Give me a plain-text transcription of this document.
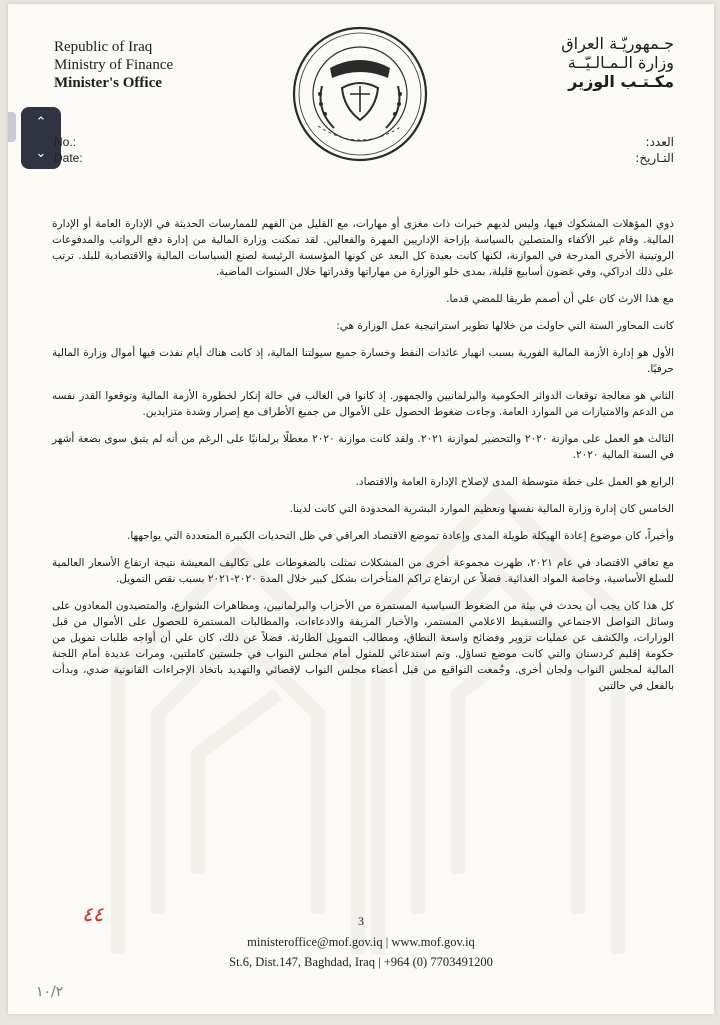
⌃
⌄
Republic of Iraq
Ministry of Finance
Minister's Office
جـمهوريّـة العراق
وزارة الـمـالـيّــة
مكـتـب الوزير
No.:
Date:
العدد:
التـاريخ:

ذوي المؤهلات المشكوك فيها، وليس لديهم خبرات ذات مغزى أو مهارات، مع القليل من الفهم للممارسات الحديثة في الإدارة العامة أو الإدارة المالية. وقام غير الأكفاء والمتصلين بالسياسة بإزاحة الإداريين المهرة والفعالين. لقد تمكنت وزارة المالية من إدارة دفع الرواتب والمدفوعات الروتينية الأخرى المدرجة في الموازنة، لكنها كانت بعيدة كل البعد عن كونها المؤسسة الرئيسة لصنع السياسات المالية والاقتصادية للبلد. ترتب على ذلك ادراكي، وفي غضون أسابيع قليلة، بمدى خلو الوزارة من مهاراتها وقدراتها خلال السنوات الماضية.

مع هذا الارث كان علي أن أصمم طريقا للمضي قدما.

كانت المحاور الستة التي حاولت من خلالها تطوير استراتيجية عمل الوزارة هي:

الأول هو إدارة الأزمة المالية الفورية بسبب انهيار عائدات النفط وخسارة جميع سيولتنا المالية، إذ كانت هناك أيام نفذت فيها أموال وزارة المالية حرفيًا.

الثاني هو معالجة توقعات الدوائر الحكومية والبرلمانيين والجمهور. إذ كانوا في الغالب في حالة إنكار لخطورة الأزمة المالية وتوقعوا القدر نفسه من الدعم والامتيازات من الموارد العامة. وجاءت ضغوط الحصول على الأموال من جميع الأطراف مع إصرار وشدة متزايدين.

الثالث هو العمل على موازنة ٢٠٢٠ والتحضير لموازنة ٢٠٢١. ولقد كانت موازنة ٢٠٢٠ معطلًا برلمانيًا على الرغم من أنه لم يتبق سوى بضعة أشهر في السنة المالية ٢٠٢٠.

الرابع هو العمل على خطة متوسطة المدى لإصلاح الإدارة العامة والاقتصاد.

الخامس كان إدارة وزارة المالية نفسها وتعظيم الموارد البشرية المحدودة التي كانت لدينا.

وأخيراً، كان موضوع إعادة الهيكلة طويلة المدى وإعادة تموضع الاقتصاد العراقي في ظل التحديات الكبيرة المتعددة التي يواجهها.

مع تعافي الاقتصاد في عام ٢٠٢١، ظهرت مجموعة أخرى من المشكلات تمثلت بالضغوطات على تكاليف المعيشة نتيجة ارتفاع الأسعار العالمية للسلع الأساسية، وخاصة المواد الغذائية. فضلاً عن ارتفاع تراكم المتأخرات بشكل كبير خلال المدة ٢٠٢٠-٢٠٢١ بسبب نقص التمويل.

كل هذا كان يجب أن يحدث في بيئة من الضغوط السياسية المستمرة من الأحزاب والبرلمانيين، ومظاهرات الشوارع، والمتصيدون المعادون على وسائل التواصل الاجتماعي والتسقيط الاعلامي المستمر، والأخبار المزيفة والادعاءات، والمطالبات المستمرة للحصول على الأموال من قبل الوزارات، والكشف عن عمليات تزوير وفضائح واسعة النطاق، ومطالب التمويل الطارئة. فضلاً عن ذلك، كان علي أن أواجه طلبات تمويل من حكومة إقليم كردستان والتي كانت موضع تساؤل. وتم استدعائي للمثول أمام مجلس النواب في جلستين كاملتين، ومرات عديدة أمام اللجنة المالية لمجلس النواب ولجان أخرى. وجُمعت التواقيع من قبل أعضاء مجلس النواب لإقصائي والتهديد باتخاذ الإجراءات القانونية ضدي، وبدأت بالفعل في حالتين

٤٤	3
ministeroffice@mof.gov.iq | www.mof.gov.iq
St.6, Dist.147, Baghdad, Iraq | +964 (0) 7703491200
١٠/٢
